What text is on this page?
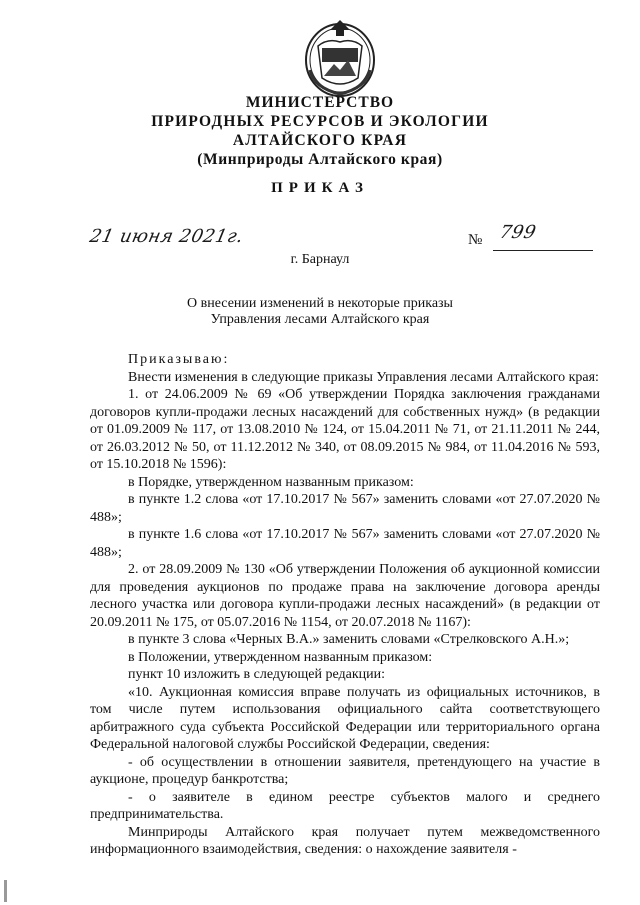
МИНИСТЕРСТВО
ПРИРОДНЫХ РЕСУРСОВ И ЭКОЛОГИИ
АЛТАЙСКОГО КРАЯ
(Минприроды Алтайского края)
ПРИКАЗ
21 июня 2021г.	№ 799
г. Барнаул
О внесении изменений в некоторые приказы
Управления лесами Алтайского края

Приказываю:

Внести изменения в следующие приказы Управления лесами Алтайского края:

1. от 24.06.2009 № 69 «Об утверждении Порядка заключения гражданами договоров купли-продажи лесных насаждений для собственных нужд» (в редакции от 01.09.2009 № 117, от 13.08.2010 № 124, от 15.04.2011 № 71, от 21.11.2011 № 244, от 26.03.2012 № 50, от 11.12.2012 № 340, от 08.09.2015 № 984, от 11.04.2016 № 593, от 15.10.2018 № 1596):

в Порядке, утвержденном названным приказом:

в пункте 1.2 слова «от 17.10.2017 № 567» заменить словами «от 27.07.2020 № 488»;

в пункте 1.6 слова «от 17.10.2017 № 567» заменить словами «от 27.07.2020 № 488»;

2. от 28.09.2009 № 130 «Об утверждении Положения об аукционной комиссии для проведения аукционов по продаже права на заключение договора аренды лесного участка или договора купли-продажи лесных насаждений» (в редакции от 20.09.2011 № 175, от 05.07.2016 № 1154, от 20.07.2018 № 1167):

в пункте 3 слова «Черных В.А.» заменить словами «Стрелковского А.Н.»;

в Положении, утвержденном названным приказом:

пункт 10 изложить в следующей редакции:

«10. Аукционная комиссия вправе получать из официальных источников, в том числе путем использования официального сайта соответствующего арбитражного суда субъекта Российской Федерации или территориального органа Федеральной налоговой службы Российской Федерации, сведения:

- об осуществлении в отношении заявителя, претендующего на участие в аукционе, процедур банкротства;

- о заявителе в едином реестре субъектов малого и среднего предпринимательства.

Минприроды Алтайского края получает путем межведомственного информационного взаимодействия, сведения: о нахождение заявителя -
